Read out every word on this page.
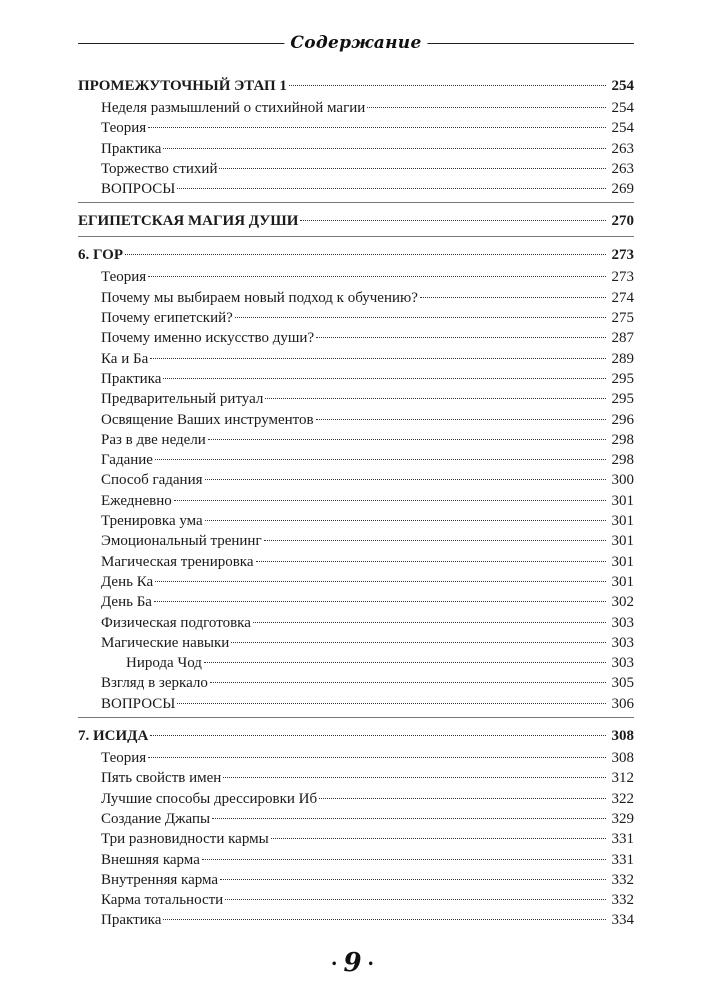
Содержание
ПРОМЕЖУТОЧНЫЙ ЭТАП 1	254
Неделя размышлений о стихийной магии	254
Теория	254
Практика	263
Торжество стихий	263
ВОПРОСЫ	269
ЕГИПЕТСКАЯ МАГИЯ ДУШИ	270
6. ГОР	273
Теория	273
Почему мы выбираем новый подход к обучению?	274
Почему египетский?	275
Почему именно искусство души?	287
Ка и Ба	289
Практика	295
Предварительный ритуал	295
Освящение Ваших инструментов	296
Раз в две недели	298
Гадание	298
Способ гадания	300
Ежедневно	301
Тренировка ума	301
Эмоциональный тренинг	301
Магическая тренировка	301
День Ка	301
День Ба	302
Физическая подготовка	303
Магические навыки	303
Нирода Чод	303
Взгляд в зеркало	305
ВОПРОСЫ	306
7. ИСИДА	308
Теория	308
Пять свойств имен	312
Лучшие способы дрессировки Иб	322
Создание Джапы	329
Три разновидности кармы	331
Внешняя карма	331
Внутренняя карма	332
Карма тотальности	332
Практика	334
• 9 •
